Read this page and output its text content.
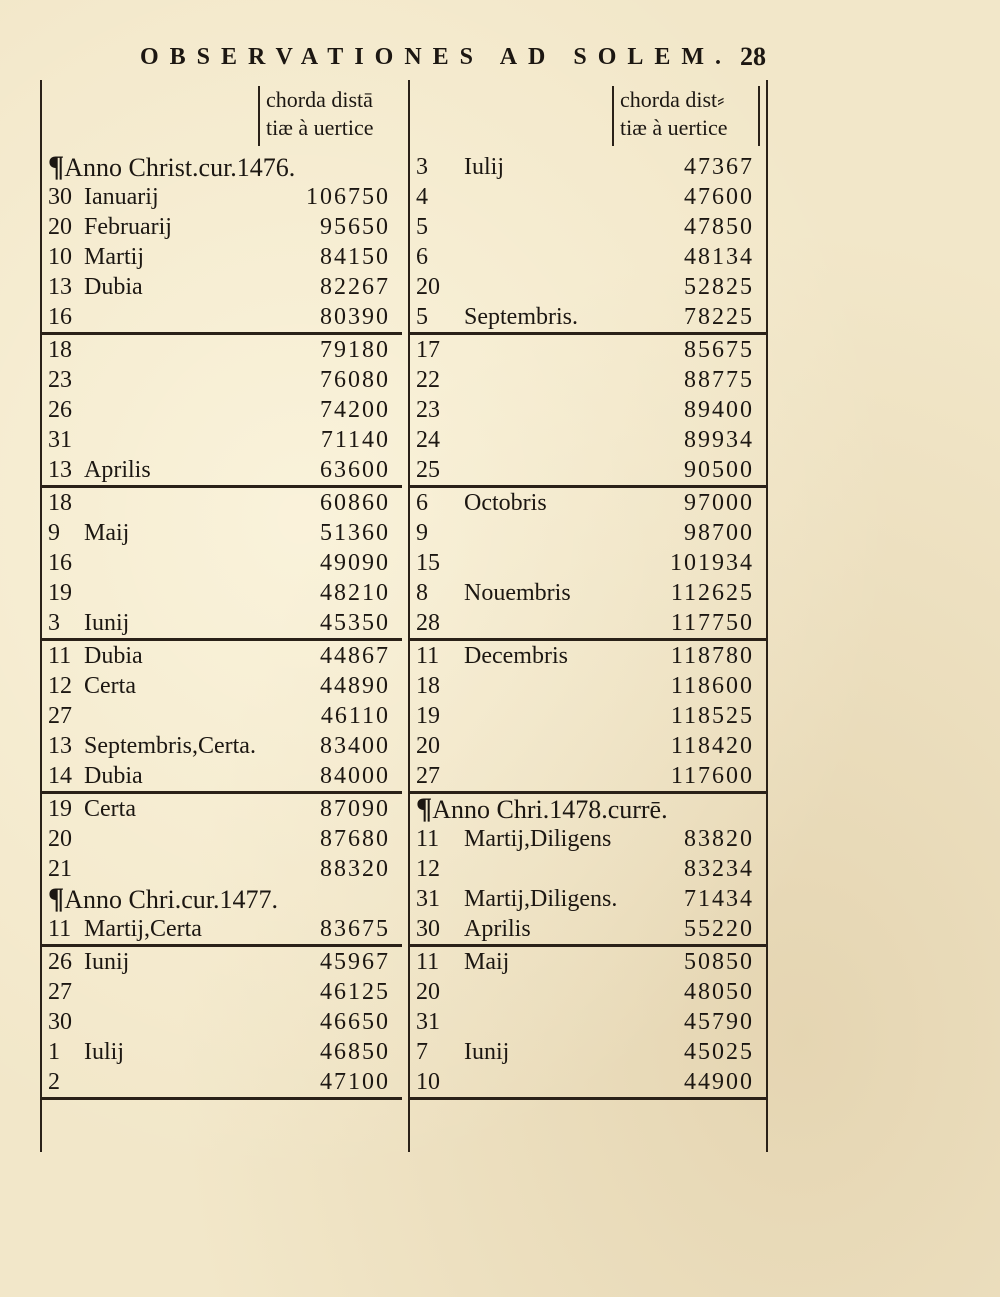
OBSERVATIONES AD SOLEM. 28
chorda distā
tiæ à uertice
¶Anno Christ.cur.1476.
30 Ianuarij	106750
20 Februarij	95650
10 Martij	84150
13 Dubia	82267
16	80390
18	79180
23	76080
26	74200
31	71140
13 Aprilis	63600
18	60860
9 Maij	51360
16	49090
19	48210
3 Iunij	45350
11 Dubia	44867
12 Certa	44890
27	46110
13 Septembris,Certa.	83400
14 Dubia	84000
19 Certa	87090
20	87680
21	88320
¶Anno Chri.cur.1477.
11 Martij,Certa	83675
26 Iunij	45967
27	46125
30	46650
1 Iulij	46850
2	47100
chorda dist⸗
tiæ à uertice
3 Iulij	47367
4	47600
5	47850
6	48134
20	52825
5 Septembris.	78225
17	85675
22	88775
23	89400
24	89934
25	90500
6 Octobris	97000
9	98700
15	101934
8 Nouembris	112625
28	117750
11 Decembris	118780
18	118600
19	118525
20	118420
27	117600
¶Anno Chri.1478.currē.
11 Martij,Diligens	83820
12	83234
31 Martij,Diligens.	71434
30 Aprilis	55220
11 Maij	50850
20	48050
31	45790
7 Iunij	45025
10	44900
